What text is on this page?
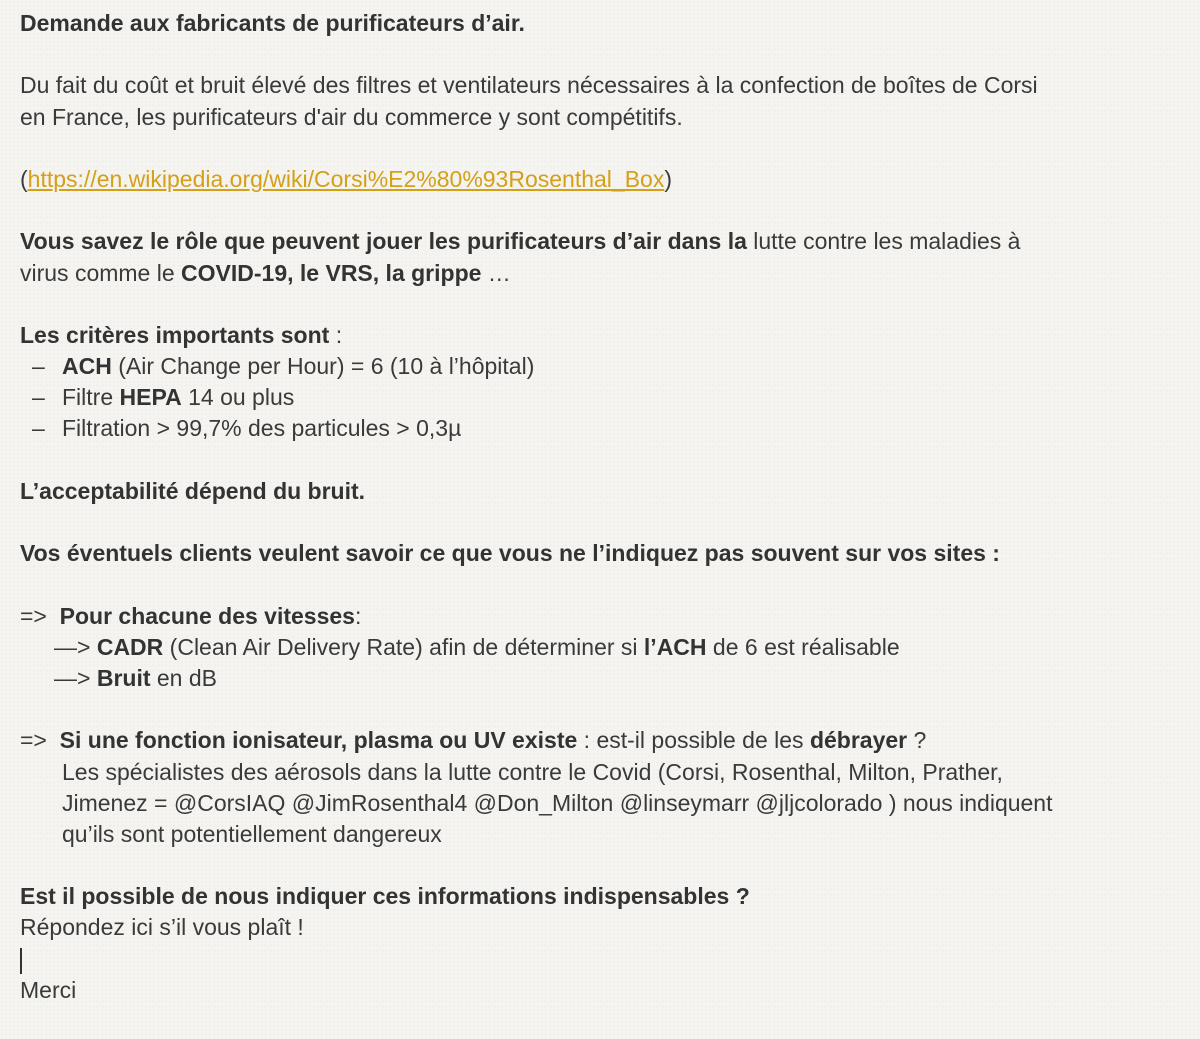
Demande aux fabricants de purificateurs d’air.
Du fait du coût et bruit élevé des filtres et ventilateurs nécessaires à la confection de boîtes de Corsi
en France, les purificateurs d'air du commerce y sont compétitifs.
(https://en.wikipedia.org/wiki/Corsi%E2%80%93Rosenthal_Box)
Vous savez le rôle que peuvent jouer les purificateurs d’air dans la lutte contre les maladies à
virus comme le COVID-19, le VRS, la grippe …
Les critères importants sont :
– ACH (Air Change per Hour) = 6 (10 à l’hôpital)
– Filtre HEPA 14 ou plus
– Filtration > 99,7% des particules > 0,3µ
L’acceptabilité dépend du bruit.
Vos éventuels clients veulent savoir ce que vous ne l’indiquez pas souvent sur vos sites :
=> Pour chacune des vitesses:
—> CADR (Clean Air Delivery Rate) afin de déterminer si l’ACH de 6 est réalisable
—> Bruit en dB
=> Si une fonction ionisateur, plasma ou UV existe : est-il possible de les débrayer ?
Les spécialistes des aérosols dans la lutte contre le Covid (Corsi, Rosenthal, Milton, Prather,
Jimenez = @CorsIAQ @JimRosenthal4 @Don_Milton @linseymarr @jljcolorado ) nous indiquent
qu’ils sont potentiellement dangereux
Est il possible de nous indiquer ces informations indispensables ?
Répondez ici s’il vous plaît !
Merci
